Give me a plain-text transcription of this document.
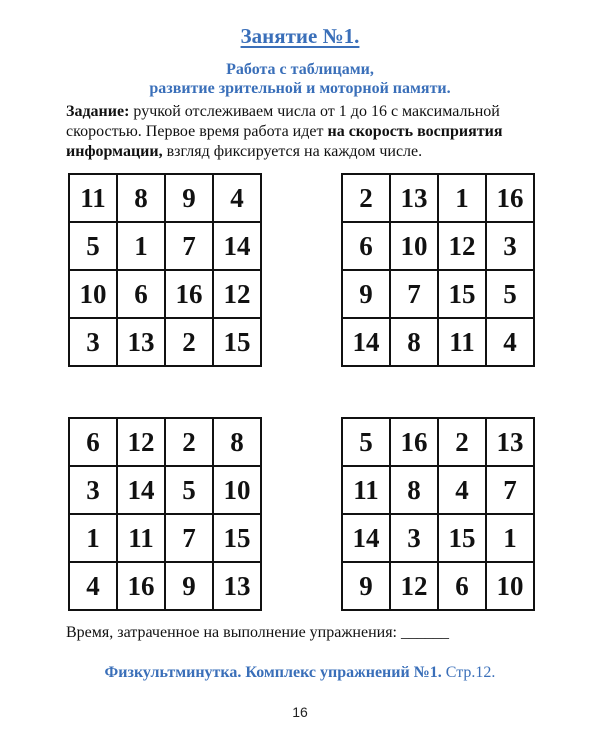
Занятие №1.
Работа с таблицами,
развитие зрительной и моторной памяти.
Задание: ручкой отслеживаем числа от 1 до 16 с максимальной скоростью. Первое время работа идет на скорость восприятия информации, взгляд фиксируется на каждом числе.
11	8	9	4
5	1	7	14
10	6	16	12
3	13	2	15
2	13	1	16
6	10	12	3
9	7	15	5
14	8	11	4
6	12	2	8
3	14	5	10
1	11	7	15
4	16	9	13
5	16	2	13
11	8	4	7
14	3	15	1
9	12	6	10
Время, затраченное на выполнение упражнения: ______
Физкультминутка. Комплекс упражнений №1. Стр.12.
16
